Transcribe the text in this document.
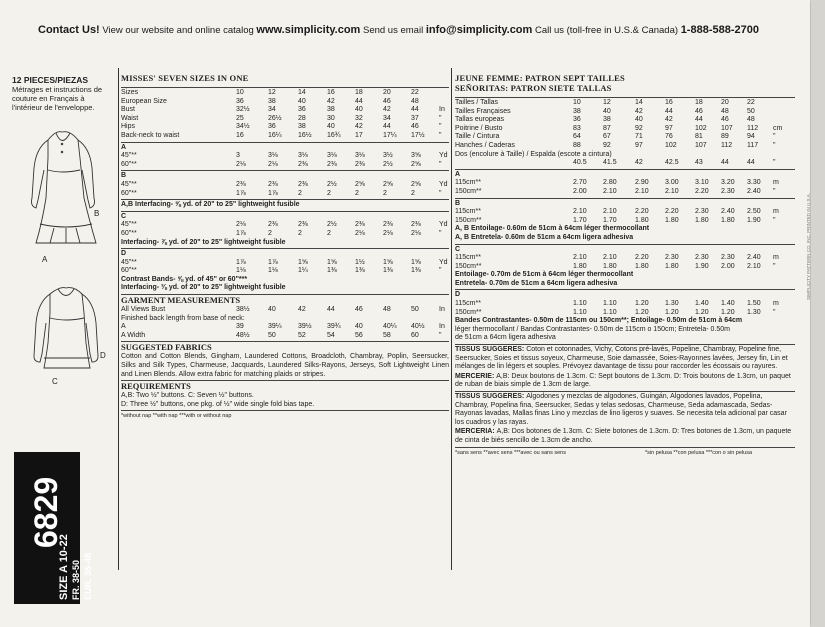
Contact Us! View our website and online catalog www.simplicity.com Send us email info@simplicity.com Call us (toll-free in U.S.& Canada) 1-888-588-2700
12 PIECES/PIEZAS
Métrages et instructions de couture en Français à l'intérieur de l'enveloppe.
B
A
D
C
6829
SIZE A 10-22 FR. 38-50 EUR. 36-48
MISSES' SEVEN SIZES IN ONE
Sizes	10	12	14	16	18	20	22
European Size	36	38	40	42	44	46	48
Bust	32½	34	36	38	40	42	44	In
Waist	25	26½ 28	30	32	34	37	"
Hips	34½	36	38	40	42	44	46	"
Back-neck to waist	16	16¼ 16½ 16¾ 17	17¼ 17½ "
A
45"**	3	3⅛	3⅛	3⅛	3⅛	3½	3⅝	Yd
60"**	2⅛	2⅛	2⅜	2⅜	2⅜	2½	2⅝	"
B
45"**	2⅜	2⅜	2⅜	2½	2⅝	2⅝	2⅝	Yd
60"**	1⅞	1⅞	2	2	2	2	2	"
A,B Interfacing- ⅝ yd. of 20" to 25" lightweight fusible
C
45"**	2⅛	2⅜	2⅜	2½	2⅜	2⅜	2⅜	Yd
60"**	1⅞	2	2	2	2⅛	2⅛	2⅛	"
Interfacing- ⅞ yd. of 20" to 25" lightweight fusible
D
45"**	1⅞	1⅞	1⅝	1⅝	1½	1⅝	1⅝	Yd
60"**	1⅛	1⅛	1¼	1⅜	1⅜	1⅜	1⅜	"
Contrast Bands- ⅝ yd. of 45" or 60"***
Interfacing- ⅜ yd. of 20" to 25" lightweight fusible
GARMENT MEASUREMENTS
All Views Bust	38½	40	42	44	46	48	50	In
Finished back length from base of neck:
A	39	39¼ 39½ 39¾ 40	40¼ 40½ In
A Width	48½	50	52	54	56	58	60	"
SUGGESTED FABRICS
Cotton and Cotton Blends, Gingham, Laundered Cottons, Broadcloth, Chambray, Poplin, Seersucker, Silks and Silk Types, Charmeuse, Jacquards, Laundered Silks-Rayons, Jerseys, Soft Lightweight Linen and Linen Blends. Allow extra fabric for matching plaids or stripes.
REQUIREMENTS
A,B: Two ½" buttons. C: Seven ½" buttons.
D: Three ½" buttons, one pkg. of ½" wide single fold bias tape.
*without nap **with nap ***with or without nap
JEUNE FEMME: PATRON SEPT TAILLES
SEÑORITAS: PATRON SIETE TALLAS
Tailles / Tallas	10	12	14	16	18	20	22
Tailles Françaises	38	40	42	44	46	48	50
Tallas europeas	36	38	40	42	44	46	48
Poitrine / Busto	83	87	92	97	102 107 112 cm
Taille / Cintura	64	67	71	76	81	89	94	"
Hanches / Caderas	88	92	97	102	107 112 117 "
Dos (encolure à Taille) / Espalda (escote a cintura)
40.5 41.5	42	42.5 43	44	44	"
A
115cm**	2.70 2.80	2.90 3.00 3.10 3.20 3.30 m
150cm**	2.00 2.10	2.10 2.10 2.20 2.30 2.40 "
B
115cm**	2.10 2.10	2.20 2.20 2.30 2.40 2.50 m
150cm**	1.70 1.70	1.80 1.80 1.80 1.80 1.90 "
A, B Entoilage- 0.60m de 51cm à 64cm léger thermocollant
A, B Entretela- 0.60m de 51cm a 64cm ligera adhesiva
C
115cm**	2.10 2.10	2.20 2.30 2.30 2.30 2.40 m
150cm**	1.80 1.80	1.80 1.80 1.90 2.00 2.10 "
Entoilage- 0.70m de 51cm à 64cm léger thermocollant
Entretela- 0.70m de 51cm a 64cm ligera adhesiva
D
115cm**	1.10 1.10	1.20 1.30 1.40 1.40 1.50 m
150cm**	1.10 1.10	1.20 1.20 1.20 1.20 1.30 "
Bandes Contrastantes- 0.50m de 115cm ou 150cm**; Entoilage- 0.50m de 51cm à 64cm
léger thermocollant / Bandas Contrastantes- 0.50m de 115cm o 150cm; Entretela- 0.50m
de 51cm a 64cm ligera adhesiva
TISSUS SUGGERES: Coton et cotonnades, Vichy, Cotons pré-lavés, Popeline, Chambray, Popeline fine, Seersucker, Soies et tissus soyeux, Charmeuse, Soie damassée, Soies-Rayonnes lavées, Jersey fin, Lin et mélanges de lin légers et souples. Prévoyez davantage de tissu pour raccorder les écossais ou rayures.
MERCERIE: A,B: Deux boutons de 1.3cm. C: Sept boutons de 1.3cm. D: Trois boutons de 1.3cm, un paquet de ruban de biais simple de 1.3cm de large.
TISSUS SUGGERES: Algodones y mezclas de algodones, Guingán, Algodones lavados, Popelina, Chambray, Popelina fina, Seersucker, Sedas y telas sedosas, Charmeuse, Seda adamascada, Sedas-Rayonas lavadas, Mallas finas Lino y mezclas de lino ligeros y suaves. Se necesita tela adicional par casar los cuadros y las rayas.
MERCERIA: A,B: Dos botones de 1.3cm. C: Siete botones de 1.3cm. D: Tres botones de 1.3cm, un paquete de cinta de biés sencillo de 1.3cm de ancho.
*sans sens **avec sens ***avec ou sans sens	*sin pelusa **con pelusa ***con o sin pelusa
SIMPLICITY PATTERN CO. INC. PRINTED IN U.S.A.
